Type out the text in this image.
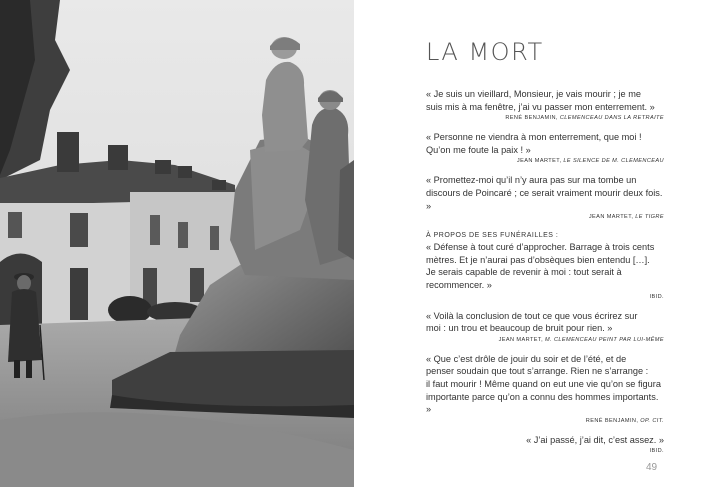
LA MORT
« Je suis un vieillard, Monsieur, je vais mourir ; je me
suis mis à ma fenêtre, j’ai vu passer mon enterrement. »
RENÉ BENJAMIN, CLEMENCEAU DANS LA RETRAITE
« Personne ne viendra à mon enterrement, que moi !
Qu’on me foute la paix ! »
JEAN MARTET, LE SILENCE DE M. CLEMENCEAU
« Promettez-moi qu’il n’y aura pas sur ma tombe un
discours de Poincaré ; ce serait vraiment mourir deux fois. »
JEAN MARTET, LE TIGRE
À PROPOS DE SES FUNÉRAILLES :
« Défense à tout curé d’approcher. Barrage à trois cents
mètres. Et je n’aurai pas d’obsèques bien entendu […].
Je serais capable de revenir à moi : tout serait à
recommencer. »
IBID.
« Voilà la conclusion de tout ce que vous écrirez sur
moi : un trou et beaucoup de bruit pour rien. »
JEAN MARTET, M. CLEMENCEAU PEINT PAR LUI-MÊME
« Que c’est drôle de jouir du soir et de l’été, et de
penser soudain que tout s’arrange. Rien ne s’arrange :
il faut mourir ! Même quand on eut une vie qu’on se figura
importante parce qu’on a connu des hommes importants. »
RENÉ BENJAMIN, OP. CIT.
« J’ai passé, j’ai dit, c’est assez. »
IBID.
49
